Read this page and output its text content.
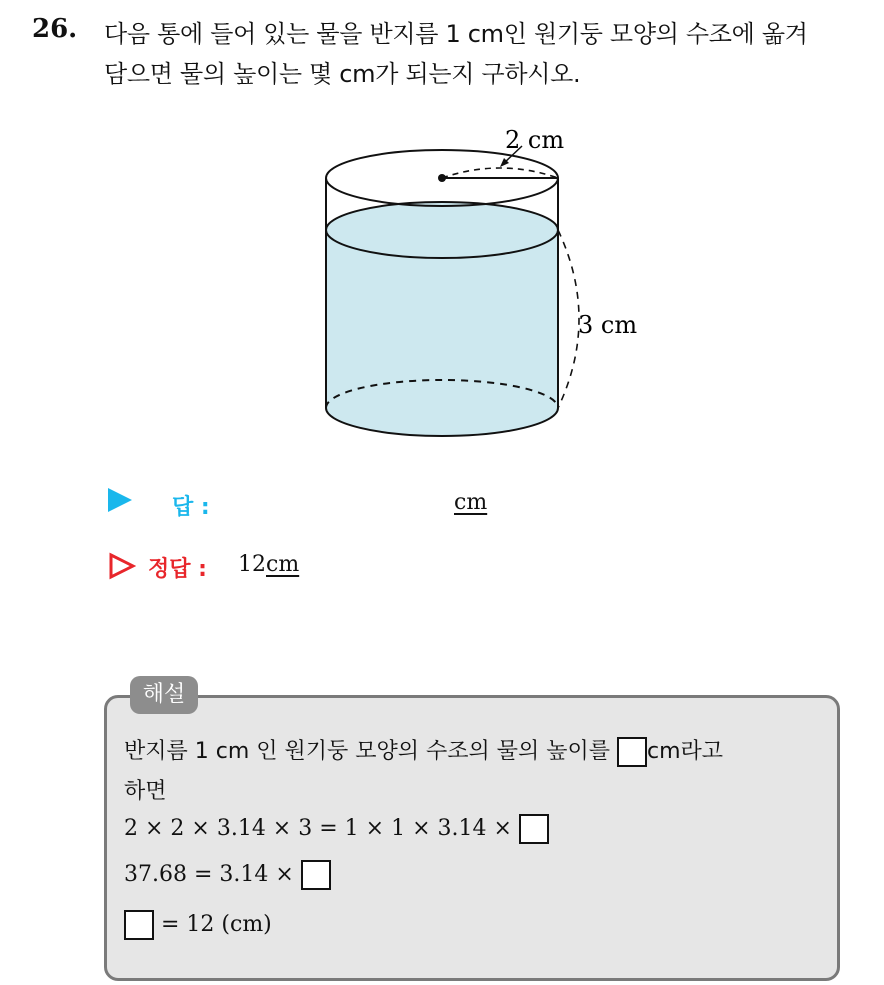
26. 다음 통에 들어 있는 물을 반지름 1 cm인 원기둥 모양의 수조에 옮겨
담으면 물의 높이는 몇 cm가 되는지 구하시오.
2 cm
3 cm
답 :	cm
정답 : 12cm
해설
반지름 1 cm 인 원기둥 모양의 수조의 물의 높이를 cm라고
하면
2 × 2 × 3.14 × 3 = 1 × 1 × 3.14 ×
37.68 = 3.14 ×
= 12 (cm)
